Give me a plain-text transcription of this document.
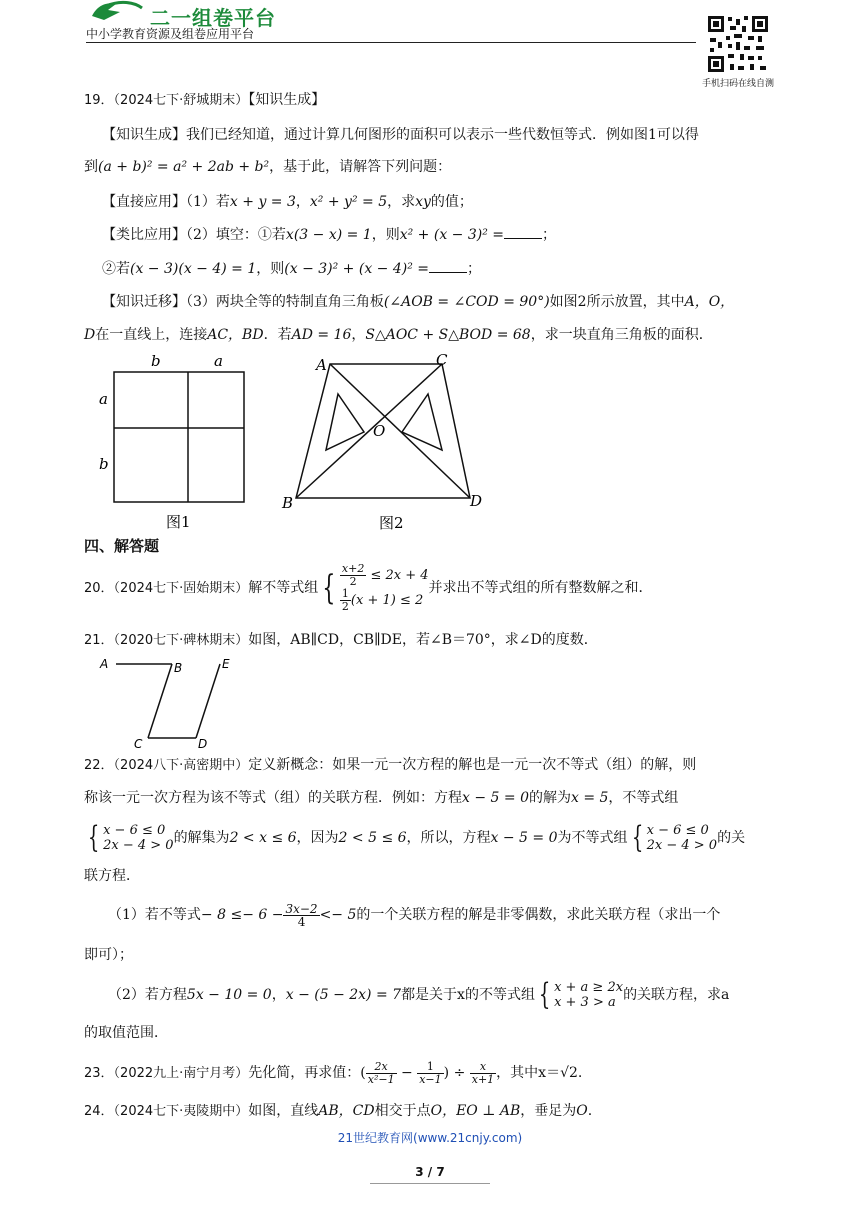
二一组卷平台
中小学教育资源及组卷应用平台
手机扫码在线自测
19．（2024七下·舒城期末）【知识生成】
【知识生成】我们已经知道，通过计算几何图形的面积可以表示一些代数恒等式．例如图1可以得
到(a + b)² = a² + 2ab + b²，基于此，请解答下列问题：
【直接应用】（1）若x + y = 3，x² + y² = 5，求xy的值；
【类比应用】（2）填空：①若x(3 − x) = 1，则x² + (x − 3)² =	；
②若(x − 3)(x − 4) = 1，则(x − 3)² + (x − 4)² =	；
【知识迁移】（3）两块全等的特制直角三角板(∠AOB = ∠COD = 90°)如图2所示放置，其中A，O，
D在一直线上，连接AC，BD．若AD = 16，S△AOC + S△BOD = 68，求一块直角三角板的面积．
b	a
a
b
图1
A	C
O
B	D
图2
四、解答题
20．（2024七下·固始期末）解不等式组 { $\frac{x+2}{2} \le 2x + 4$
$\frac{1}{2} (x + 1) \le 2$
并求出不等式组的所有整数解之和．
21．（2020七下·碑林期末）如图，AB∥CD，CB∥DE，若∠B＝70°，求∠D的度数．
A	B	E
C	D
22．（2024八下·高密期中）定义新概念：如果一元一次方程的解也是一元一次不等式（组）的解，则
称该一元一次方程为该不等式（组）的关联方程．例如：方程x − 5 = 0的解为x = 5，不等式组
{ x − 6 ≤ 0
2x − 4 > 0 的解集为2 < x ≤ 6，因为2 < 5 ≤ 6，所以，方程x − 5 = 0为不等式组 { x − 6 ≤ 0
2x − 4 > 0 的关
联方程．
（1）若不等式− $8 \le- 6 - \frac{3x-2}{4} <- 5$的一个关联方程的解是非零偶数，求此关联方程（求出一个
即可）；
（2）若方程5x − 10 = 0，x − (5 − 2x) = 7都是关于x的不等式组 { x + a ≥ 2x
x + 3 > a 的关联方程，求a
的取值范围．
23．（2022九上·南宁月考）先化简，再求值：( $\frac{2x}{\text{x²−1}} - \frac{1}{x-1}$ ) ÷ $\frac{x}{x+1}$ ，其中x＝√2.
24．（2024七下·夷陵期中）如图，直线AB，CD相交于点O，EO ⊥ AB，垂足为O.
21世纪教育网(www.21cnjy.com)
3 / 7
